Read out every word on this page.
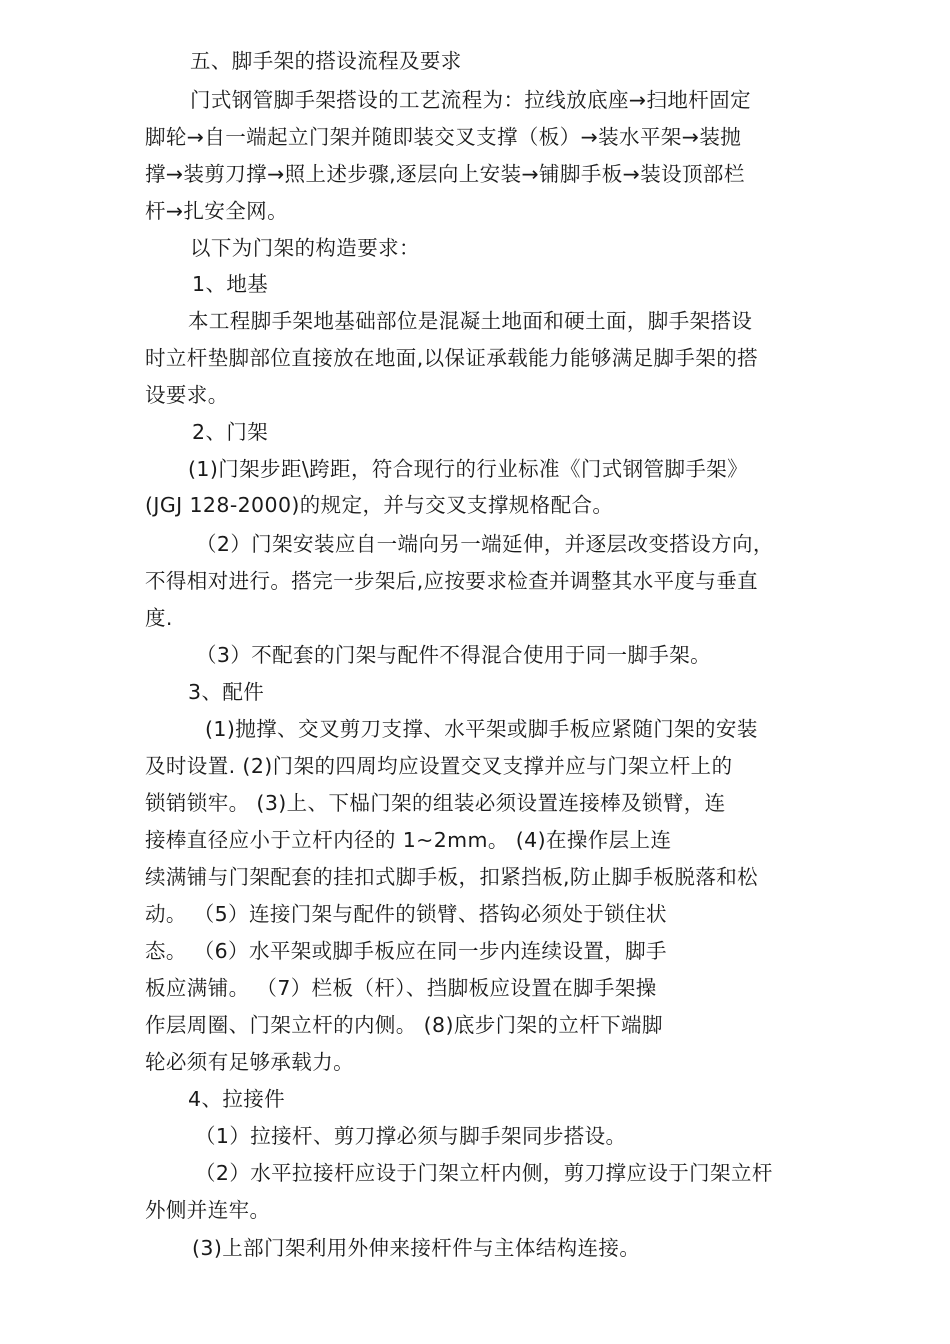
五、脚手架的搭设流程及要求
门式钢管脚手架搭设的工艺流程为：拉线放底座→扫地杆固定
脚轮→自一端起立门架并随即装交叉支撑（板）→装水平架→装抛
撑→装剪刀撑→照上述步骤,逐层向上安装→铺脚手板→装设顶部栏
杆→扎安全网。
以下为门架的构造要求：
1、地基
本工程脚手架地基础部位是混凝土地面和硬土面，脚手架搭设
时立杆垫脚部位直接放在地面,以保证承载能力能够满足脚手架的搭
设要求。
2、门架
(1)门架步距\跨距，符合现行的行业标准《门式钢管脚手架》
(JGJ 128-2000)的规定，并与交叉支撑规格配合。
（2）门架安装应自一端向另一端延伸，并逐层改变搭设方向，
不得相对进行。搭完一步架后,应按要求检查并调整其水平度与垂直
度.
（3）不配套的门架与配件不得混合使用于同一脚手架。
3、配件
(1)抛撑、交叉剪刀支撑、水平架或脚手板应紧随门架的安装
及时设置. (2)门架的四周均应设置交叉支撑并应与门架立杆上的
锁销锁牢。 (3)上、下榀门架的组装必须设置连接棒及锁臂，连
接棒直径应小于立杆内径的 1~2mm。 (4)在操作层上连
续满铺与门架配套的挂扣式脚手板，扣紧挡板,防止脚手板脱落和松
动。 （5）连接门架与配件的锁臂、搭钩必须处于锁住状
态。 （6）水平架或脚手板应在同一步内连续设置，脚手
板应满铺。 （7）栏板（杆）、挡脚板应设置在脚手架操
作层周圈、门架立杆的内侧。 (8)底步门架的立杆下端脚
轮必须有足够承载力。
4、拉接件
（1）拉接杆、剪刀撑必须与脚手架同步搭设。
（2）水平拉接杆应设于门架立杆内侧，剪刀撑应设于门架立杆
外侧并连牢。
(3)上部门架利用外伸来接杆件与主体结构连接。
